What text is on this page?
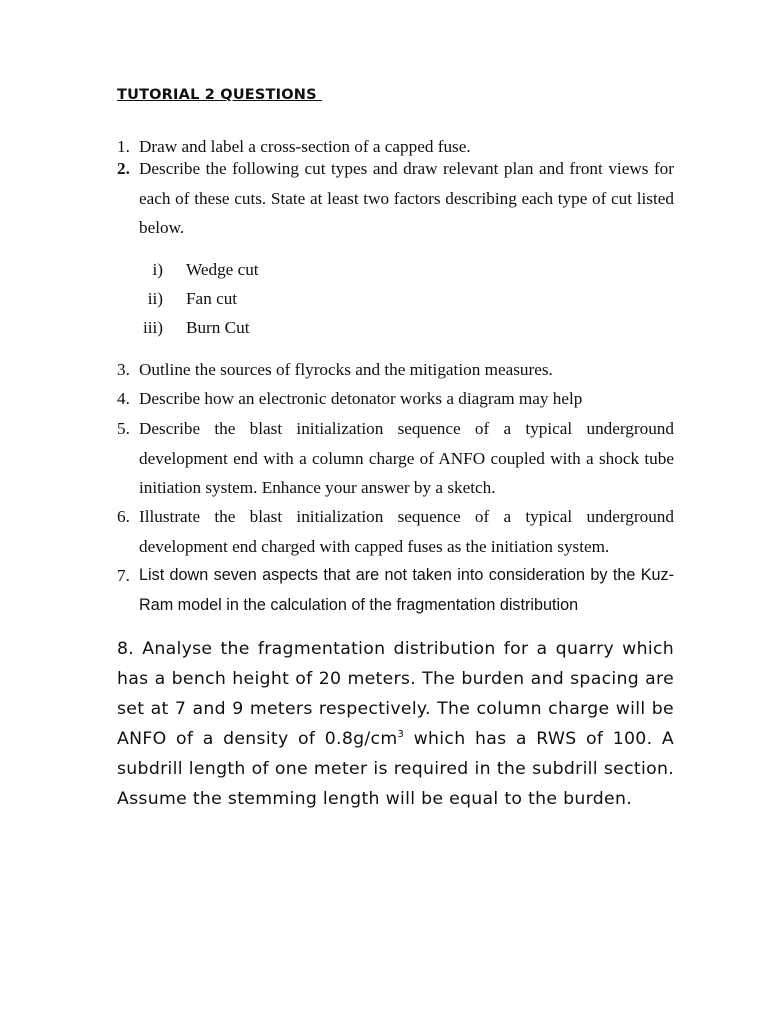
TUTORIAL 2 QUESTIONS
1. Draw and label a cross-section of a capped fuse.
2. Describe the following cut types and draw relevant plan and front views for each of these cuts. State at least two factors describing each type of cut listed below.
i) Wedge cut
ii) Fan cut
iii) Burn Cut
3. Outline the sources of flyrocks and the mitigation measures.
4. Describe how an electronic detonator works a diagram may help
5. Describe the blast initialization sequence of a typical underground development end with a column charge of ANFO coupled with a shock tube initiation system. Enhance your answer by a sketch.
6. Illustrate the blast initialization sequence of a typical underground development end charged with capped fuses as the initiation system.
7. List down seven aspects that are not taken into consideration by the Kuz-Ram model in the calculation of the fragmentation distribution
8. Analyse the fragmentation distribution for a quarry which has a bench height of 20 meters. The burden and spacing are set at 7 and 9 meters respectively. The column charge will be ANFO of a density of $0.8g/cm^3$ which has a RWS of 100. A subdrill length of one meter is required in the subdrill section. Assume the stemming length will be equal to the burden.
